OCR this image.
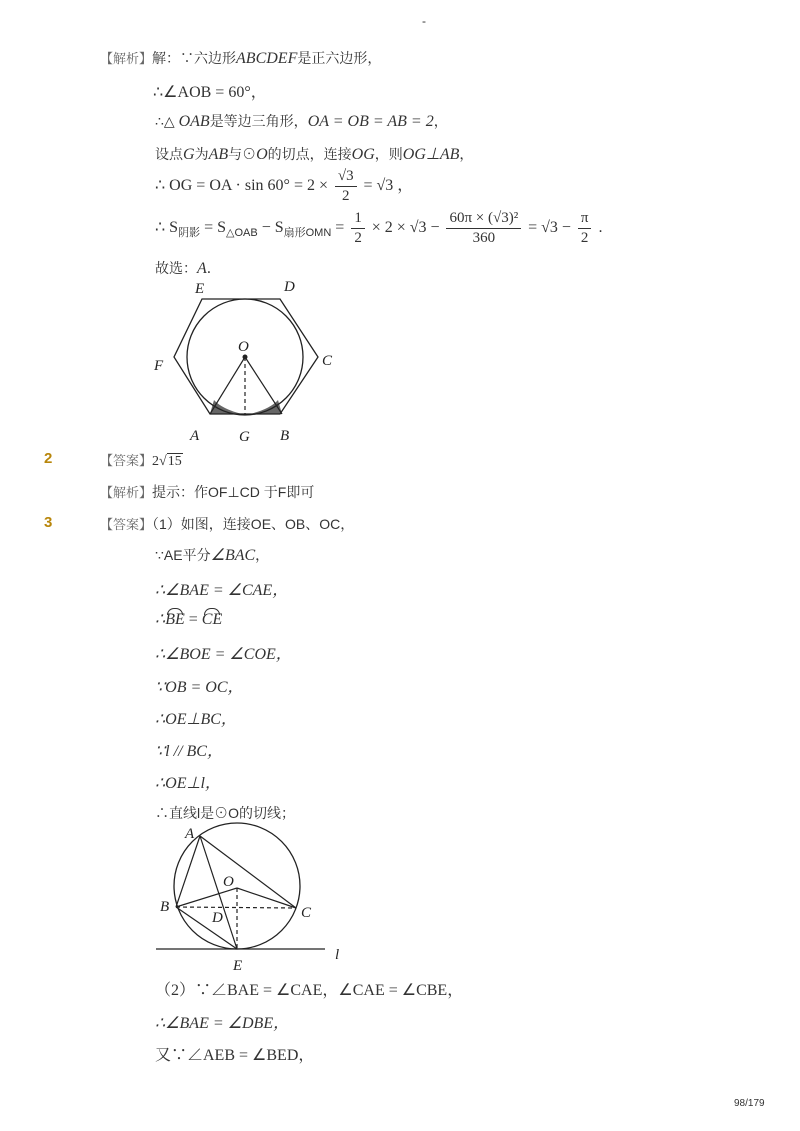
-
【解析】解：∵六边形ABCDEF是正六边形，
∴∠AOB = 60°，
∴△ OAB是等边三角形，OA = OB = AB = 2，
设点G为AB与⊙O的切点，连接OG，则OG⊥AB，
∴ OG = OA · $\sin 60^\circ = 2 \times \frac{√3}{2} = √3$ ，
∴ $S_{阴影} = S_{\triangle OAB} - S_{扇形OMN} = \frac{1}{2} \times 2 \times √3 - \frac{\text{60π × (√3)²}}{360} = √3 - \frac{\pi}{2}$ ．
故选：A．
E	D
F	C
O
A	G B
2	【答案】2√15
【解析】提示：作OF⊥CD 于F即可
3	【答案】（1）如图，连接OE、OB、OC，
∵AE平分∠BAC，
∴∠BAE = ∠CAE，
∴BE = CE
∴∠BOE = ∠COE，
∵OB = OC，
∴OE⊥BC，
∵l // BC，
∴OE⊥l，
∴直线l是⊙O的切线；
A
O
B
D	C
E
l
（2）∵∠BAE = ∠CAE，∠CAE = ∠CBE，
∴∠BAE = ∠DBE，
又∵∠AEB = ∠BED，
98/179
